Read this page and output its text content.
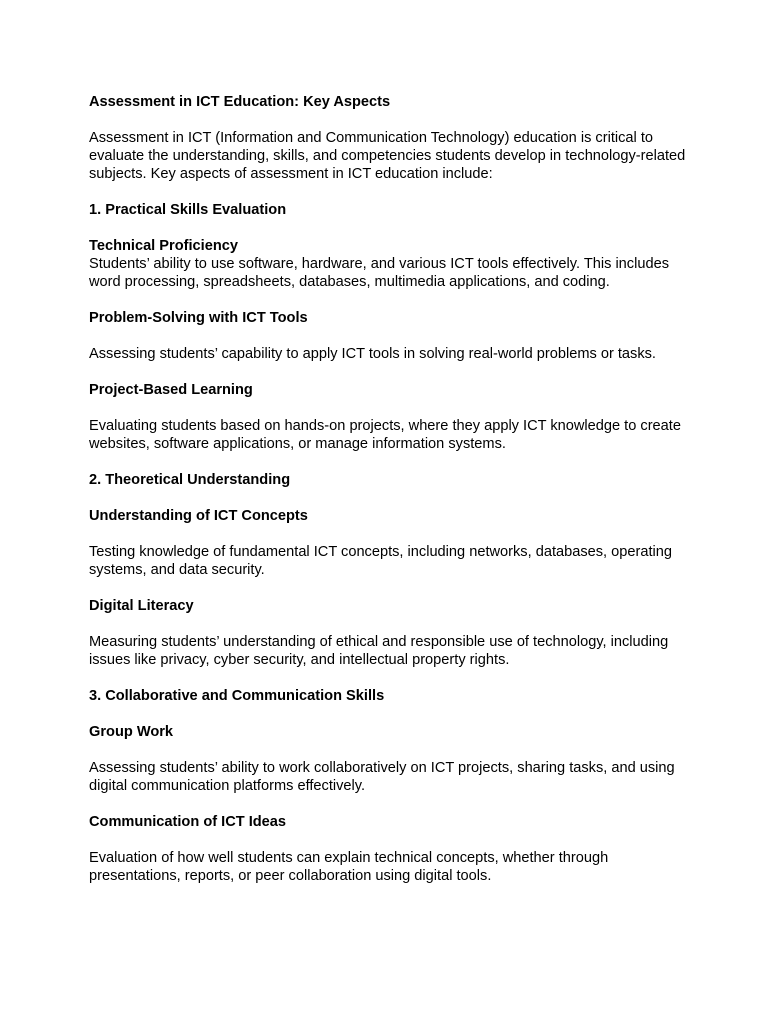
Assessment in ICT Education: Key Aspects

Assessment in ICT (Information and Communication Technology) education is critical to evaluate the understanding, skills, and competencies students develop in technology-related subjects. Key aspects of assessment in ICT education include:

1. Practical Skills Evaluation
Technical Proficiency

Students’ ability to use software, hardware, and various ICT tools effectively. This includes word processing, spreadsheets, databases, multimedia applications, and coding.

Problem-Solving with ICT Tools

Assessing students’ capability to apply ICT tools in solving real-world problems or tasks.

Project-Based Learning

Evaluating students based on hands-on projects, where they apply ICT knowledge to create websites, software applications, or manage information systems.

2. Theoretical Understanding
Understanding of ICT Concepts

Testing knowledge of fundamental ICT concepts, including networks, databases, operating systems, and data security.

Digital Literacy

Measuring students’ understanding of ethical and responsible use of technology, including issues like privacy, cyber security, and intellectual property rights.

3. Collaborative and Communication Skills
Group Work

Assessing students’ ability to work collaboratively on ICT projects, sharing tasks, and using digital communication platforms effectively.

Communication of ICT Ideas

Evaluation of how well students can explain technical concepts, whether through presentations, reports, or peer collaboration using digital tools.
